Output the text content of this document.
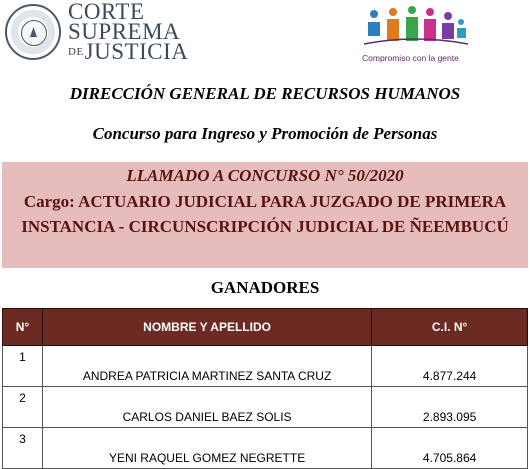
CORTE
SUPREMA
DEJUSTICIA	Compromiso con la gente
DIRECCIÓN GENERAL DE RECURSOS HUMANOS
Concurso para Ingreso y Promoción de Personas
LLAMADO A CONCURSO N° 50/2020
Cargo: ACTUARIO JUDICIAL PARA JUZGADO DE PRIMERA INSTANCIA - CIRCUNSCRIPCIÓN JUDICIAL DE ÑEEMBUCÚ
GANADORES
N°	NOMBRE Y APELLIDO	C.I. N°
1	ANDREA PATRICIA MARTINEZ SANTA CRUZ	4.877.244
2	CARLOS DANIEL BAEZ SOLIS	2.893.095
3	YENI RAQUEL GOMEZ NEGRETTE	4.705.864
